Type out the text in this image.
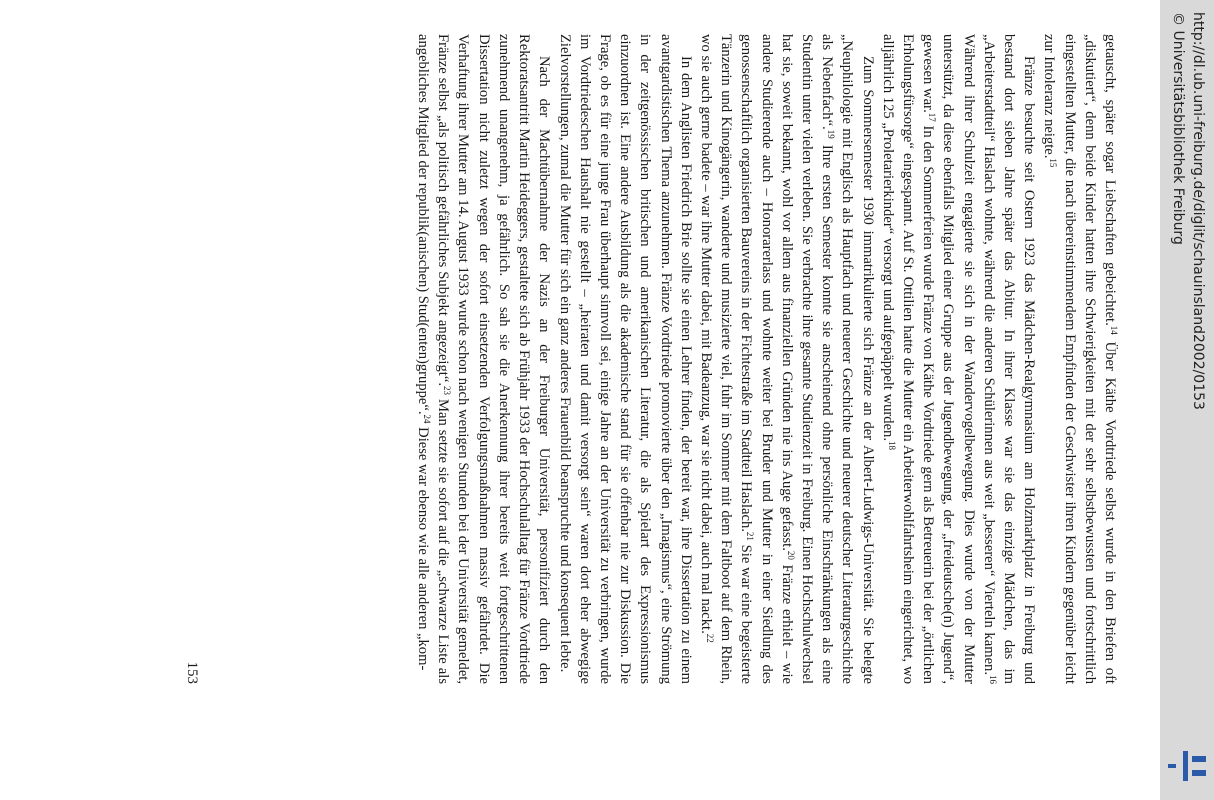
getauscht, später sogar Liebschaften gebeichtet.$^{14}$ Über Käthe Vordtriede selbst wurde in den Briefen oft „diskutiert“, denn beide Kinder hatten ihre Schwierigkeiten mit der sehr selbstbewussten und fortschrittlich eingestellten Mutter, die nach übereinstimmendem Empfinden der Geschwister ihren Kindern gegenüber leicht zur Intoleranz neigte.$^{15}$

Fränze besuchte seit Ostern 1923 das Mädchen-Realgymnasium am Holzmarktplatz in Freiburg und bestand dort sieben Jahre später das Abitur. In ihrer Klasse war sie das einzige Mädchen, das im „Arbeiterstadtteil“ Haslach wohnte, während die anderen Schülerinnen aus weit „besseren“ Vierteln kamen.$^{16}$ Während ihrer Schulzeit engagierte sie sich in der Wandervogelbewegung. Dies wurde von der Mutter unterstützt, da diese ebenfalls Mitglied einer Gruppe aus der Jugendbewegung, der „freideutsche(n) Jugend“, gewesen war.$^{17}$ In den Sommerferien wurde Fränze von Käthe Vordtriede gern als Betreuerin bei der „örtlichen Erholungsfürsorge“ eingespannt. Auf St. Ottilien hatte die Mutter ein Arbeiterwohlfahrtsheim eingerichtet, wo alljährlich 125 „Proletarierkinder“ versorgt und aufgepäppelt wurden.$^{18}$

Zum Sommersemester 1930 immatrikulierte sich Fränze an der Albert-Ludwigs-Universität. Sie belegte „Neuphilologie mit Englisch als Hauptfach und neuerer Geschichte und neuerer deutscher Literaturgeschichte als Nebenfach“.$^{19}$ Ihre ersten Semester konnte sie anscheinend ohne persönliche Einschränkungen als eine Studentin unter vielen verleben. Sie verbrachte ihre gesamte Studienzeit in Freiburg. Einen Hochschulwechsel hat sie, soweit bekannt, wohl vor allem aus finanziellen Gründen nie ins Auge gefasst.$^{20}$ Fränze erhielt – wie andere Studierende auch – Honorarerlass und wohnte weiter bei Bruder und Mutter in einer Siedlung des genossenschaftlich organisierten Bauvereins in der Fichtestraße im Stadtteil Haslach.$^{21}$ Sie war eine begeisterte Tänzerin und Kinogängerin, wanderte und musizierte viel, fuhr im Sommer mit dem Faltboot auf dem Rhein, wo sie auch gerne badete – war ihre Mutter dabei, mit Badeanzug, war sie nicht dabei, auch mal nackt.$^{22}$

In dem Anglisten Friedrich Brie sollte sie einen Lehrer finden, der bereit war, ihre Dissertation zu einem avantgardistischen Thema anzunehmen. Fränze Vordtriede promovierte über den „Imagismus“, eine Strömung in der zeitgenössischen britischen und amerikanischen Literatur, die als Spielart des Expressionismus einzuordnen ist. Eine andere Ausbildung als die akademische stand für sie offenbar nie zur Diskussion. Die Frage, ob es für eine junge Frau überhaupt sinnvoll sei, einige Jahre an der Universität zu verbringen, wurde im Vordtriedeschen Haushalt nie gestellt – „heiraten und damit versorgt sein“ waren dort eher abwegige Zielvorstellungen, zumal die Mutter für sich ein ganz anderes Frauenbild beanspruchte und konsequent lebte.

Nach der Machtübernahme der Nazis an der Freiburger Universität, personifiziert durch den Rektoratsantritt Martin Heideggers, gestaltete sich ab Frühjahr 1933 der Hochschulalltag für Fränze Vordtriede zunehmend unangenehm, ja gefährlich. So sah sie die Anerkennung ihrer bereits weit fortgeschrittenen Dissertation nicht zuletzt wegen der sofort einsetzenden Verfolgungsmaßnahmen massiv gefährdet. Die Verhaftung ihrer Mutter am 14. August 1933 wurde schon nach wenigen Stunden bei der Universität gemeldet, Fränze selbst „als politisch gefährliches Subjekt angezeigt“.$^{23}$ Man setzte sie sofort auf die „schwarze Liste als angebliches Mitglied der republik(anischen) Stud(enten)gruppe“.$^{24}$ Diese war ebenso wie alle anderen „kom-

153
http://dl.ub.uni-freiburg.de/diglit/schauinsland2002/0153
© Universitätsbibliothek Freiburg
